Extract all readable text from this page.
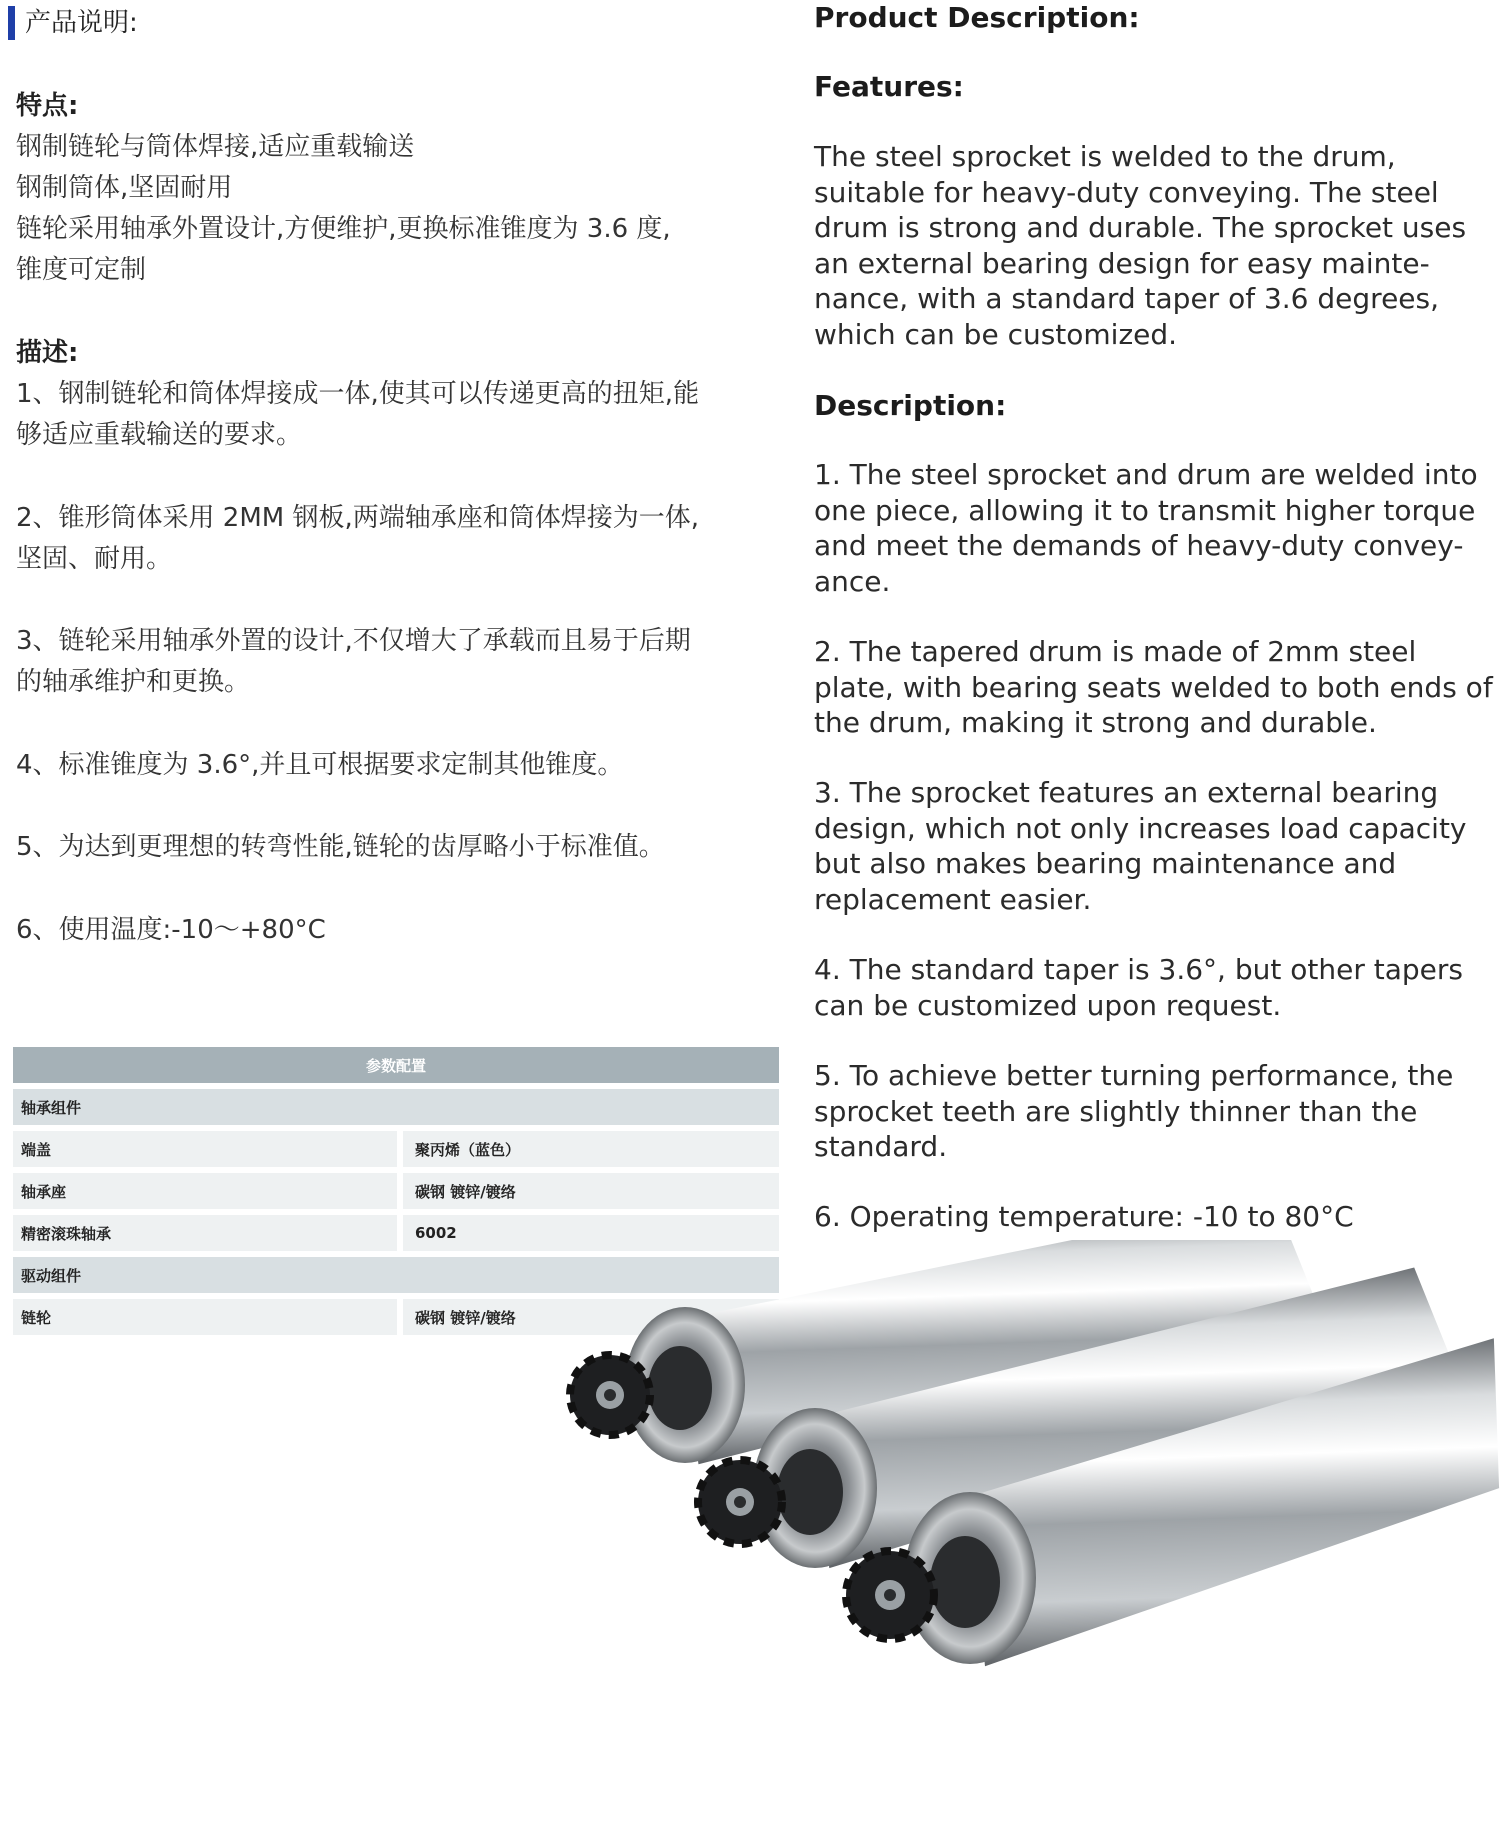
产品说明:
特点:

钢制链轮与筒体焊接,适应重载输送

钢制筒体,坚固耐用

链轮采用轴承外置设计,方便维护,更换标准锥度为 3.6 度,

锥度可定制

描述:

1、钢制链轮和筒体焊接成一体,使其可以传递更高的扭矩,能

够适应重载输送的要求。

2、锥形筒体采用 2MM 钢板,两端轴承座和筒体焊接为一体,

坚固、耐用。

3、链轮采用轴承外置的设计,不仅增大了承载而且易于后期

的轴承维护和更换。

4、标准锥度为 3.6°,并且可根据要求定制其他锥度。

5、为达到更理想的转弯性能,链轮的齿厚略小于标准值。

6、使用温度:-10～+80°C

参数配置	
轴承组件	
端盖	聚丙烯（蓝色）
轴承座	碳钢 镀锌/镀络
精密滚珠轴承	6002
驱动组件	
链轮	碳钢 镀锌/镀络
Product Description:
Features:
The steel sprocket is welded to the drum,
suitable for heavy-duty conveying. The steel
drum is strong and durable. The sprocket uses
an external bearing design for easy mainte-
nance, with a standard taper of 3.6 degrees,
which can be customized.
Description:
1. The steel sprocket and drum are welded into
one piece, allowing it to transmit higher torque
and meet the demands of heavy-duty convey-
ance.
2. The tapered drum is made of 2mm steel
plate, with bearing seats welded to both ends of
the drum, making it strong and durable.
3. The sprocket features an external bearing
design, which not only increases load capacity
but also makes bearing maintenance and
replacement easier.
4. The standard taper is 3.6°, but other tapers
can be customized upon request.
5. To achieve better turning performance, the
sprocket teeth are slightly thinner than the
standard.
6. Operating temperature: -10 to 80°C
